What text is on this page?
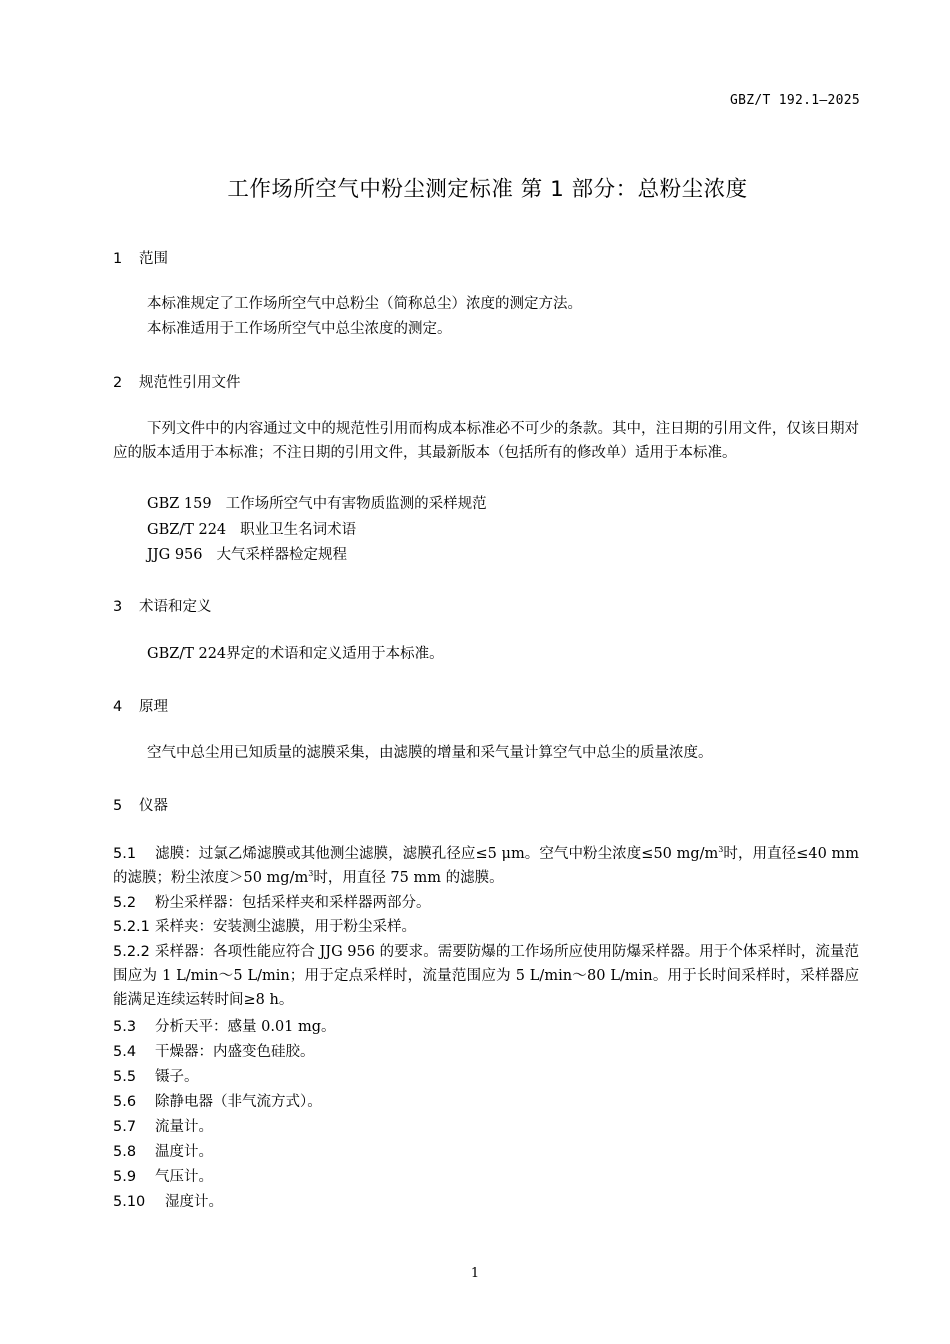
GBZ/T 192.1—2025
工作场所空气中粉尘测定标准 第 1 部分：总粉尘浓度
1 范围
本标准规定了工作场所空气中总粉尘（简称总尘）浓度的测定方法。
本标准适用于工作场所空气中总尘浓度的测定。
2 规范性引用文件
下列文件中的内容通过文中的规范性引用而构成本标准必不可少的条款。其中，注日期的引用文件，仅该日期对应的版本适用于本标准；不注日期的引用文件，其最新版本（包括所有的修改单）适用于本标准。
GBZ 159 工作场所空气中有害物质监测的采样规范
GBZ/T 224 职业卫生名词术语
JJG 956 大气采样器检定规程
3 术语和定义
GBZ/T 224界定的术语和定义适用于本标准。
4 原理
空气中总尘用已知质量的滤膜采集，由滤膜的增量和采气量计算空气中总尘的质量浓度。
5 仪器
5.1 滤膜：过氯乙烯滤膜或其他测尘滤膜，滤膜孔径应≤5 μm。空气中粉尘浓度≤50 $mg/m^3$时，用直径≤40 mm 的滤膜；粉尘浓度＞50 $mg/m^3$时，用直径 75 mm 的滤膜。
5.2 粉尘采样器：包括采样夹和采样器两部分。
5.2.1 采样夹：安装测尘滤膜，用于粉尘采样。
5.2.2 采样器：各项性能应符合 JJG 956 的要求。需要防爆的工作场所应使用防爆采样器。用于个体采样时，流量范围应为 1 L/min～5 L/min；用于定点采样时，流量范围应为 5 L/min～80 L/min。用于长时间采样时，采样器应能满足连续运转时间≥8 h。
5.3 分析天平：感量 0.01 mg。
5.4 干燥器：内盛变色硅胶。
5.5 镊子。
5.6 除静电器（非气流方式）。
5.7 流量计。
5.8 温度计。
5.9 气压计。
5.10 湿度计。
1
